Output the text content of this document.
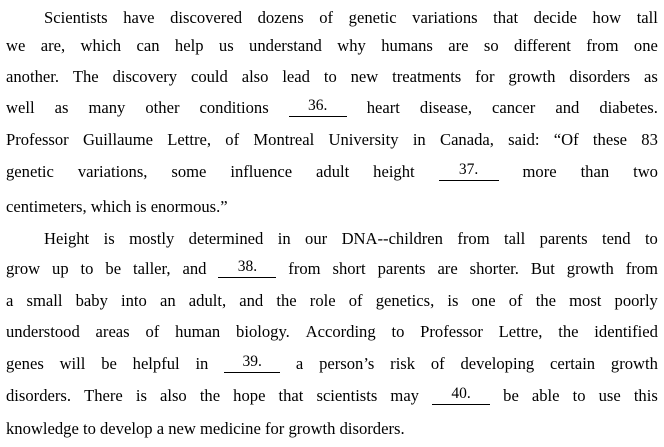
Scientists have discovered dozens of genetic variations that decide how tall
we are, which can help us understand why humans are so different from one
another. The discovery could also lead to new treatments for growth disorders as
well as many other conditions	36.	heart disease, cancer and diabetes.
Professor Guillaume Lettre, of Montreal University in Canada, said: “Of these 83
genetic variations, some influence adult height	37.	more than two
centimeters, which is enormous.”
Height is mostly determined in our DNA--children from tall parents tend to
grow up to be taller, and	38.	from short parents are shorter. But growth from
a small baby into an adult, and the role of genetics, is one of the most poorly
understood areas of human biology. According to Professor Lettre, the identified
genes will be helpful in	39.	a person’s risk of developing certain growth
disorders. There is also the hope that scientists may	40.	be able to use this
knowledge to develop a new medicine for growth disorders.
